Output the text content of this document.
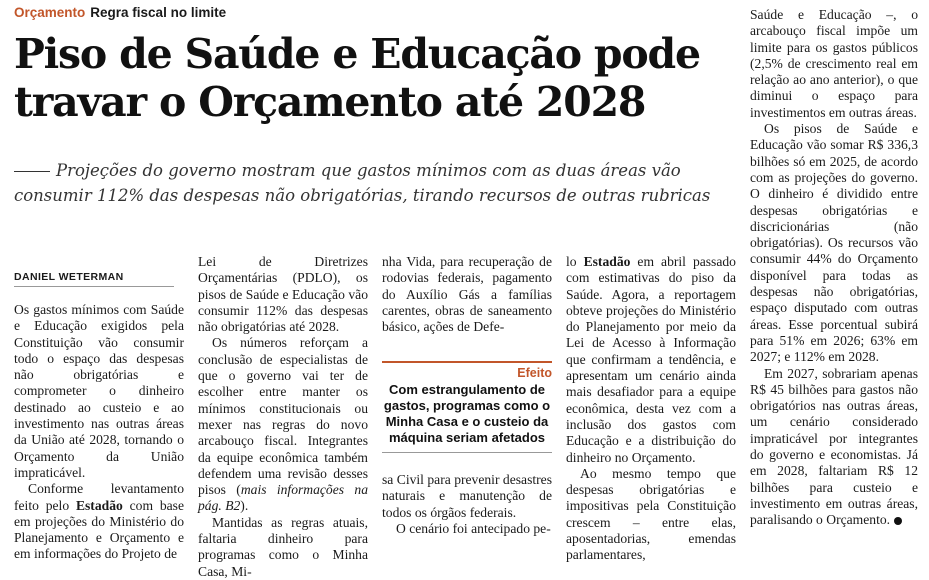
Orçamento Regra fiscal no limite
Piso de Saúde e Educação pode travar o Orçamento até 2028

Projeções do governo mostram que gastos mínimos com as duas áreas vão consumir 112% das despesas não obrigatórias, tirando recursos de outras rubricas

DANIEL WETERMAN

Os gastos mínimos com Saúde e Educação exigidos pela Constituição vão consumir todo o espaço das despesas não obrigatórias e comprometer o dinheiro destinado ao custeio e ao investimento nas outras áreas da União até 2028, tornando o Orçamento da União impraticável.

Conforme levantamento feito pelo Estadão com base em projeções do Ministério do Planejamento e Orçamento e em informações do Projeto de

Lei de Diretrizes Orçamentárias (PDLO), os pisos de Saúde e Educação vão consumir 112% das despesas não obrigatórias até 2028.

Os números reforçam a conclusão de especialistas de que o governo vai ter de escolher entre manter os mínimos constitucionais ou mexer nas regras do novo arcabouço fiscal. Integrantes da equipe econômica também defendem uma revisão desses pisos (mais informações na pág. B2).

Mantidas as regras atuais, faltaria dinheiro para programas como o Minha Casa, Mi-

nha Vida, para recuperação de rodovias federais, pagamento do Auxílio Gás a famílias carentes, obras de saneamento básico, ações de Defe-

Efeito
Com estrangulamento de gastos, programas como o Minha Casa e o custeio da máquina seriam afetados

sa Civil para prevenir desastres naturais e manutenção de todos os órgãos federais.

O cenário foi antecipado pe-

lo Estadão em abril passado com estimativas do piso da Saúde. Agora, a reportagem obteve projeções do Ministério do Planejamento por meio da Lei de Acesso à Informação que confirmam a tendência, e apresentam um cenário ainda mais desafiador para a equipe econômica, desta vez com a inclusão dos gastos com Educação e a distribuição do dinheiro no Orçamento.

Ao mesmo tempo que despesas obrigatórias e impositivas pela Constituição crescem – entre elas, aposentadorias, emendas parlamentares,

Saúde e Educação –, o arcabouço fiscal impõe um limite para os gastos públicos (2,5% de crescimento real em relação ao ano anterior), o que diminui o espaço para investimentos em outras áreas.

Os pisos de Saúde e Educação vão somar R$ 336,3 bilhões só em 2025, de acordo com as projeções do governo. O dinheiro é dividido entre despesas obrigatórias e discricionárias (não obrigatórias). Os recursos vão consumir 44% do Orçamento disponível para todas as despesas não obrigatórias, espaço disputado com outras áreas. Esse porcentual subirá para 51% em 2026; 63% em 2027; e 112% em 2028.

Em 2027, sobrariam apenas R$ 45 bilhões para gastos não obrigatórios nas outras áreas, um cenário considerado impraticável por integrantes do governo e economistas. Já em 2028, faltariam R$ 12 bilhões para custeio e investimento em outras áreas, paralisando o Orçamento.
